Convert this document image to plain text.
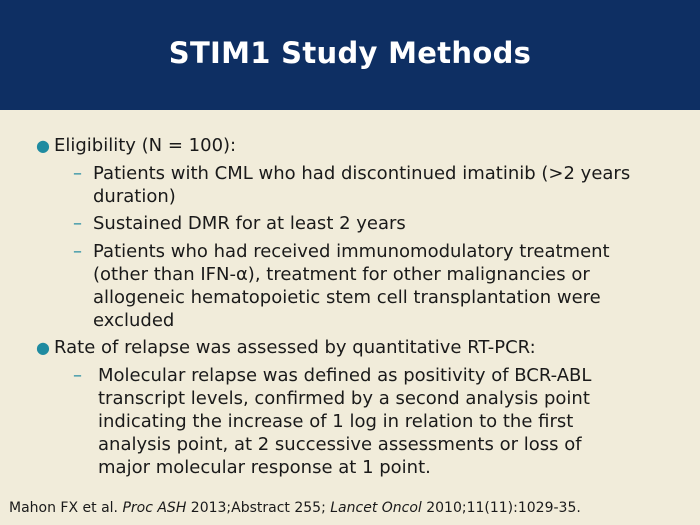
STIM1 Study Methods
● Eligibility (N = 100):
– Patients with CML who had discontinued imatinib (>2 years duration)
– Sustained DMR for at least 2 years
– Patients who had received immunomodulatory treatment (other than IFN-α), treatment for other malignancies or allogeneic hematopoietic stem cell transplantation were excluded
● Rate of relapse was assessed by quantitative RT-PCR:
– Molecular relapse was defined as positivity of BCR-ABL transcript levels, confirmed by a second analysis point indicating the increase of 1 log in relation to the first analysis point, at 2 successive assessments or loss of major molecular response at 1 point.
Mahon FX et al. Proc ASH 2013;Abstract 255; Lancet Oncol 2010;11(11):1029-35.
